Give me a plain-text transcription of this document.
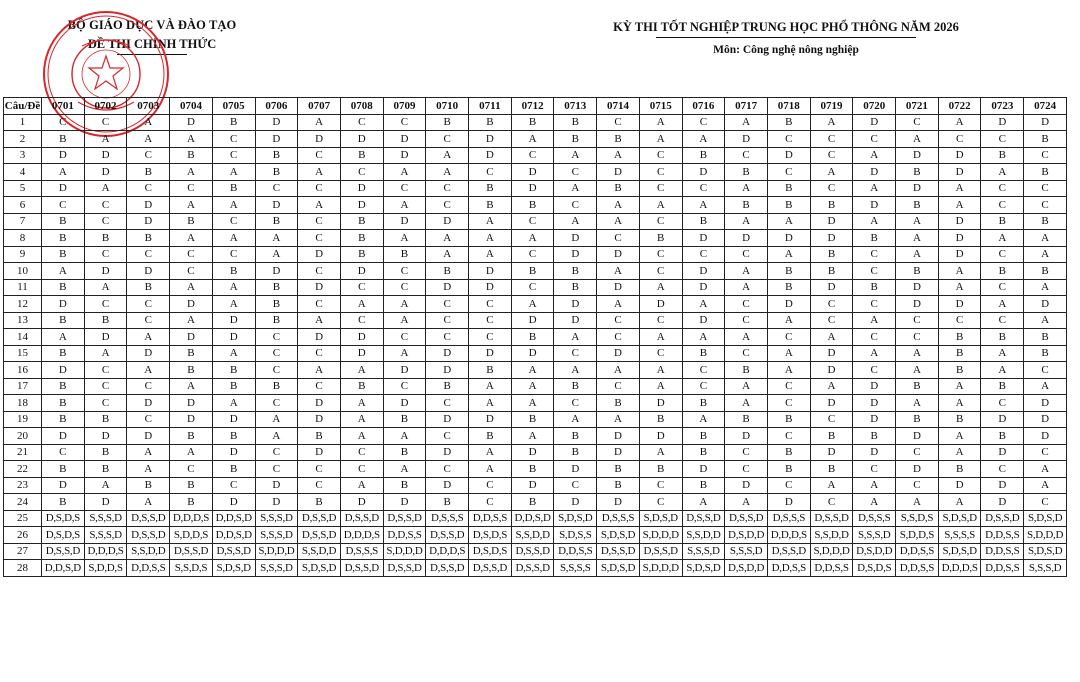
BỘ GIÁO DỤC VÀ ĐÀO TẠO
ĐỀ THI CHÍNH THỨC
KỲ THI TỐT NGHIỆP TRUNG HỌC PHỔ THÔNG NĂM 2026
Môn: Công nghệ nông nghiệp
Câu/Đề	0701	0702	0703	0704	0705	0706	0707	0708	0709	0710	0711	0712	0713	0714	0715	0716	0717	0718	0719	0720	0721	0722	0723	0724
1	C	C	A	D	B	D	A	C	C	B	B	B	B	C	A	C	A	B	A	D	C	A	D	D
2	B	A	A	A	C	D	D	D	D	C	D	A	B	B	A	A	D	C	C	C	A	C	C	B
3	D	D	C	B	C	B	C	B	D	A	D	C	A	A	C	B	C	D	C	A	D	D	B	C
4	A	D	B	A	A	B	A	C	A	A	C	D	C	D	C	D	B	C	A	D	B	D	A	B
5	D	A	C	C	B	C	C	D	C	C	B	D	A	B	C	C	A	B	C	A	D	A	C	C
6	C	C	D	A	A	D	A	D	A	C	B	B	C	A	A	A	B	B	B	D	B	A	C	C
7	B	C	D	B	C	B	C	B	D	D	A	C	A	A	C	B	A	A	D	A	A	D	B	B
8	B	B	B	A	A	A	C	B	A	A	A	A	D	C	B	D	D	D	D	B	A	D	A	A
9	B	C	C	C	C	A	D	B	B	A	A	C	D	D	C	C	C	A	B	C	A	D	C	A
10	A	D	D	C	B	D	C	D	C	B	D	B	B	A	C	D	A	B	B	C	B	A	B	B
11	B	A	B	A	A	B	D	C	C	D	D	C	B	D	A	D	A	B	D	B	D	A	C	A
12	D	C	C	D	A	B	C	A	A	C	C	A	D	A	D	A	C	D	C	C	D	D	A	D
13	B	B	C	A	D	B	A	C	A	C	C	D	D	C	C	D	C	A	C	A	C	C	C	A
14	A	D	A	D	D	C	D	D	C	C	C	B	A	C	A	A	A	C	A	C	C	B	B	B
15	B	A	D	B	A	C	C	D	A	D	D	D	C	D	C	B	C	A	D	A	A	B	A	B
16	D	C	A	B	B	C	A	A	D	D	B	A	A	A	A	C	B	A	D	C	A	B	A	C
17	B	C	C	A	B	B	C	B	C	B	A	A	B	C	A	C	A	C	A	D	B	A	B	A
18	B	C	D	D	A	C	D	A	D	C	A	A	C	B	D	B	A	C	D	D	A	A	C	D
19	B	B	C	D	D	A	D	A	B	D	D	B	A	A	B	A	B	B	C	D	B	B	D	D
20	D	D	D	B	B	A	B	A	A	C	B	A	B	D	D	B	D	C	B	B	D	A	B	D
21	C	B	A	A	D	C	D	C	B	D	A	D	B	D	A	B	C	B	D	D	C	A	D	C
22	B	B	A	C	B	C	C	C	A	C	A	B	D	B	B	D	C	B	B	C	D	B	C	A
23	D	A	B	B	C	D	C	A	B	D	C	D	C	B	C	B	D	C	A	A	C	D	D	A
24	B	D	A	B	D	D	B	D	D	B	C	B	D	D	C	A	A	D	C	A	A	A	D	C
25	D,S,D,S	S,S,S,D	D,S,S,D	D,D,D,S	D,D,S,D	S,S,S,D	D,S,S,D	D,S,S,D	D,S,S,D	D,S,S,S	D,D,S,S	D,D,S,D	S,D,S,D	D,S,S,S	S,D,S,D	D,S,S,D	D,S,S,D	D,S,S,S	D,S,S,D	D,S,S,S	S,S,D,S	S,D,S,D	D,S,S,D	S,D,S,D
26	D,S,D,S	S,S,S,D	D,S,S,D	S,D,D,S	D,D,S,D	S,S,S,D	D,S,S,D	D,D,D,S	D,D,S,S	D,S,S,D	D,S,D,S	S,S,D,D	S,D,S,S	S,D,S,D	S,D,D,D	S,S,D,D	D,S,D,D	D,D,D,S	S,S,D,D	S,S,S,D	S,D,D,S	S,S,S,S	D,D,S,S	S,D,D,D
27	D,S,S,D	D,D,D,S	S,S,D,D	D,S,S,D	D,S,S,D	S,D,D,D	S,S,D,D	D,S,S,S	S,D,D,D	D,D,D,S	D,S,D,S	D,S,S,D	D,D,S,S	D,S,S,D	D,S,S,D	S,S,S,D	S,S,S,D	D,S,S,D	S,D,D,D	D,S,D,D	D,D,S,S	S,D,S,D	D,D,S,S	S,D,S,D
28	D,D,S,D	S,D,D,S	D,D,S,S	S,S,D,S	S,D,S,D	S,S,S,D	S,D,S,D	D,S,S,D	D,S,S,D	D,S,S,D	D,S,S,D	D,S,S,D	S,S,S,S	S,D,S,D	S,D,D,D	S,D,S,D	D,S,D,D	D,D,S,S	D,D,S,S	D,S,D,S	D,D,S,S	D,D,D,S	D,D,S,S	S,S,S,D
